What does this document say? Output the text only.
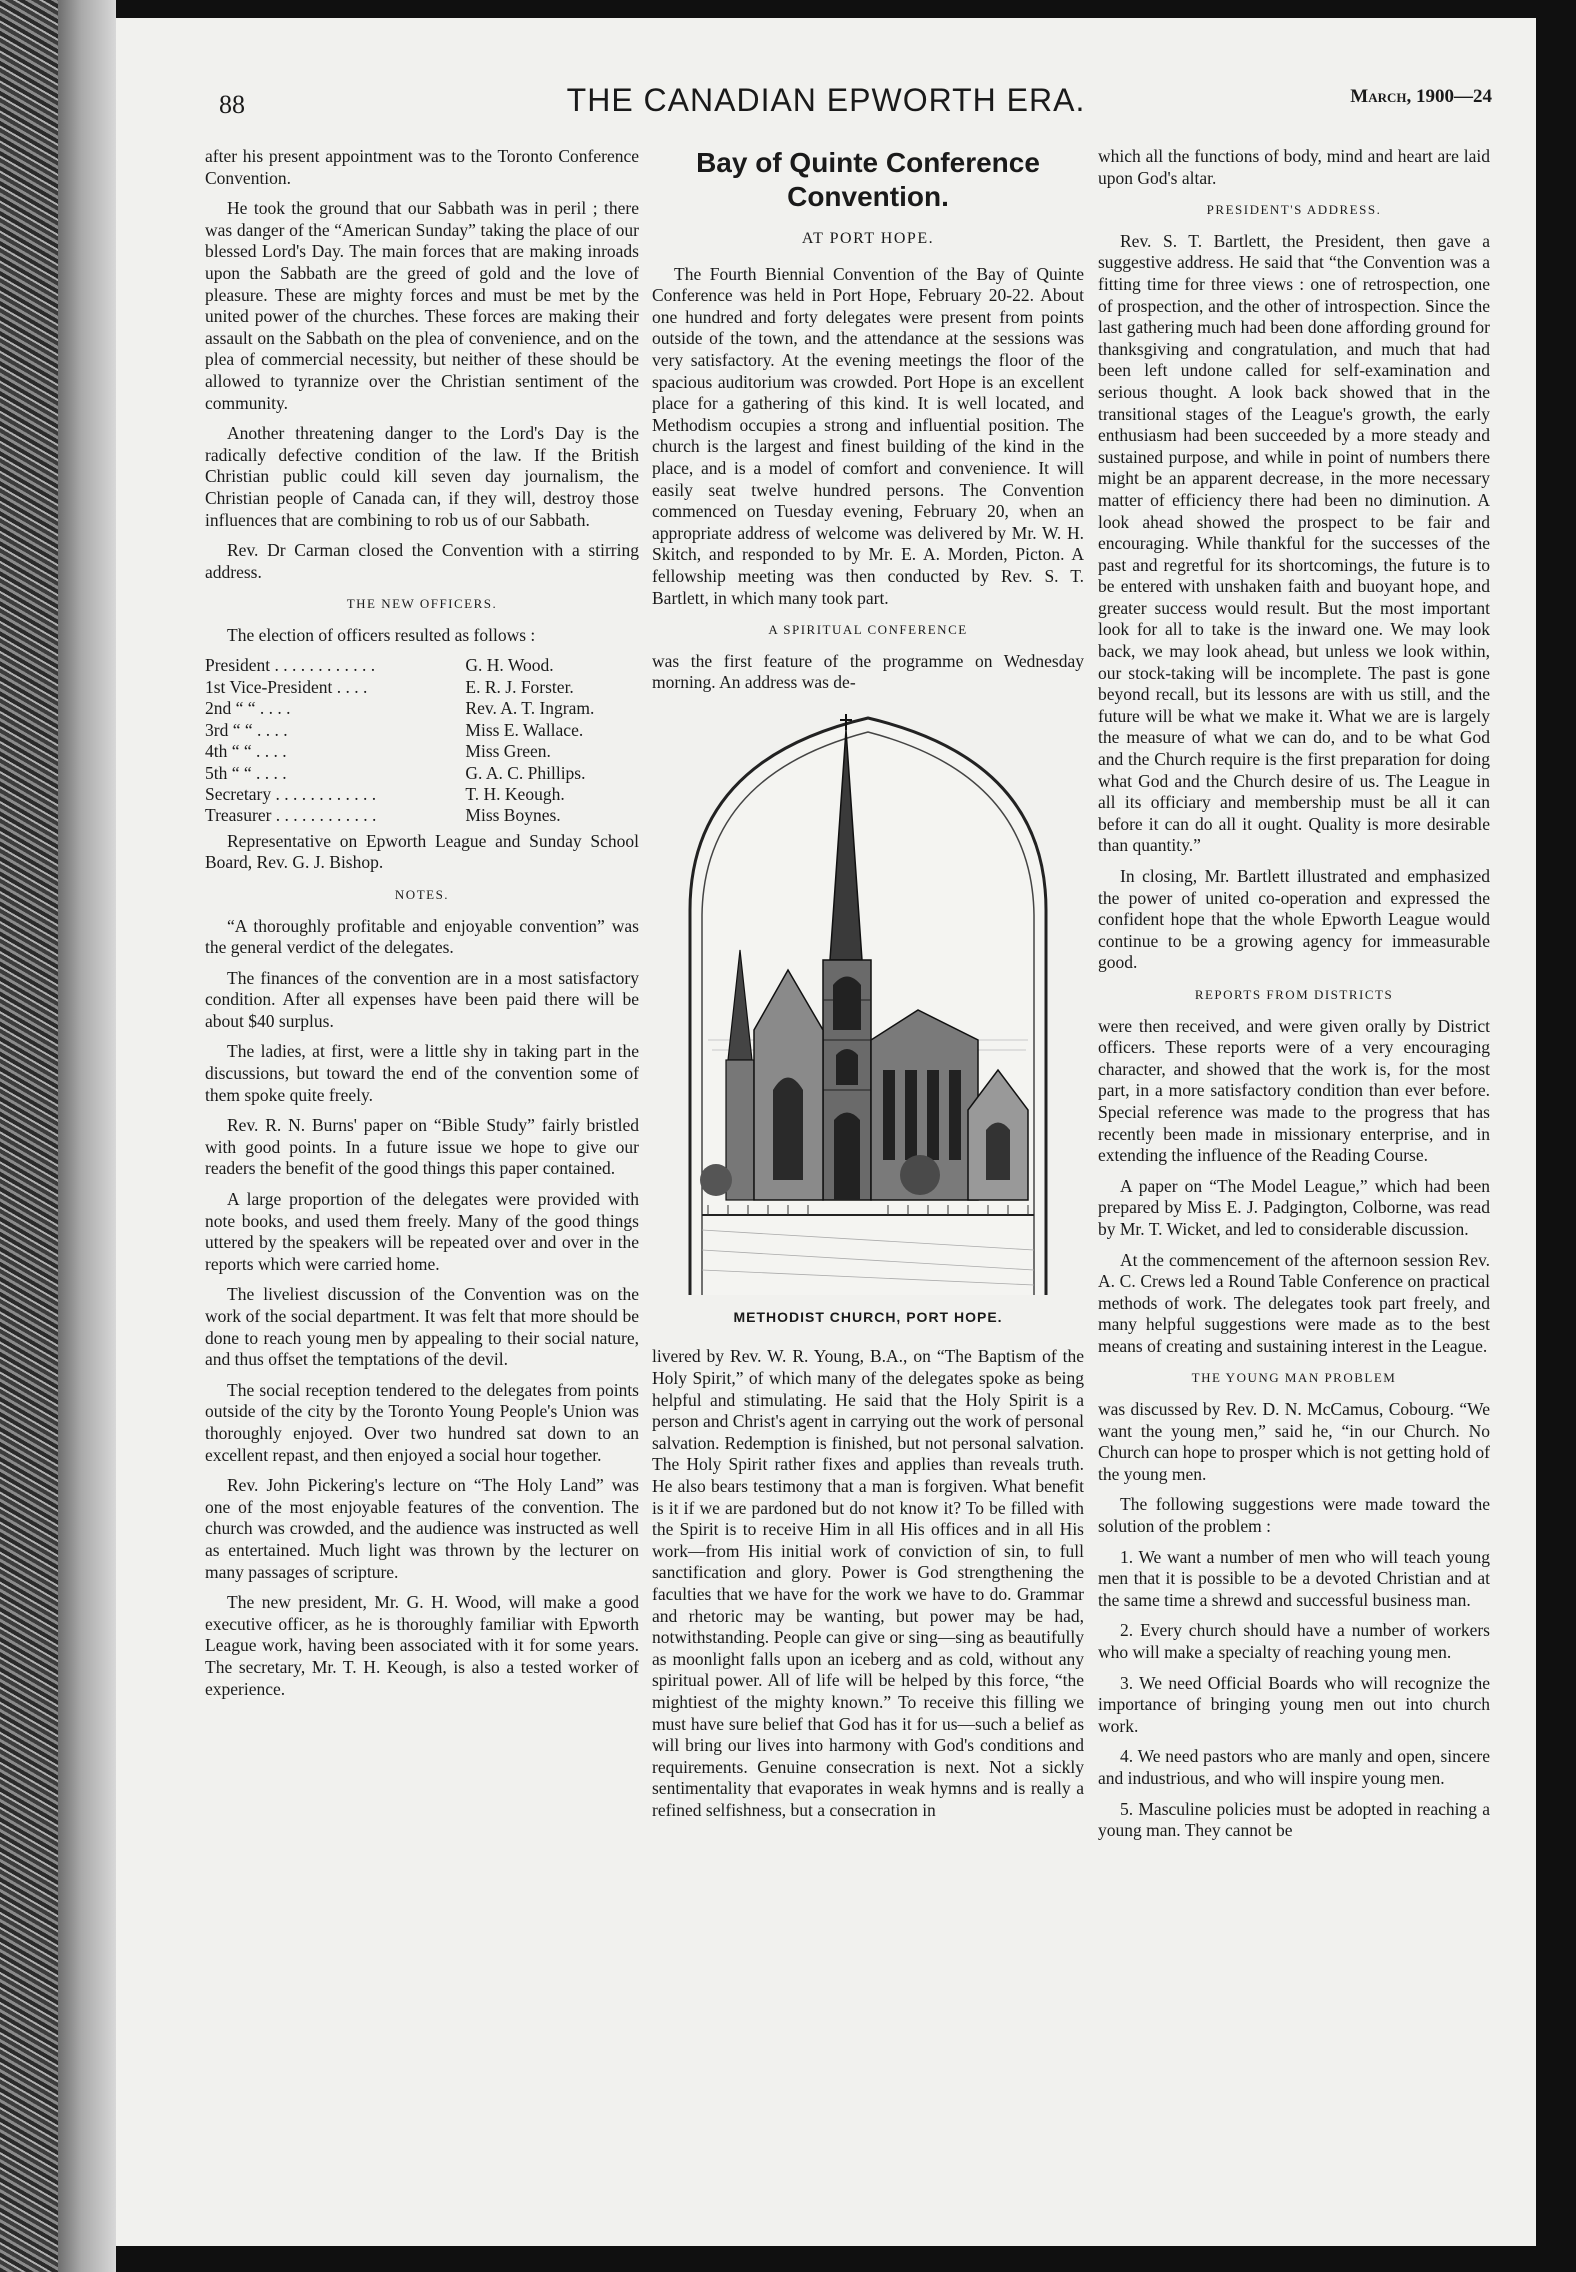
88	THE CANADIAN EPWORTH ERA.	March, 1900—24

after his present appointment was to the Toronto Conference Convention.

He took the ground that our Sabbath was in peril ; there was danger of the “American Sunday” taking the place of our blessed Lord's Day. The main forces that are making inroads upon the Sabbath are the greed of gold and the love of pleasure. These are mighty forces and must be met by the united power of the churches. These forces are making their assault on the Sabbath on the plea of convenience, and on the plea of commercial necessity, but neither of these should be allowed to tyrannize over the Christian sentiment of the community.

Another threatening danger to the Lord's Day is the radically defective condition of the law. If the British Christian public could kill seven day journalism, the Christian people of Canada can, if they will, destroy those influences that are combining to rob us of our Sabbath.

Rev. Dr Carman closed the Convention with a stirring address.

THE NEW OFFICERS.

The election of officers resulted as follows :

President . . . . . . . . . . . .	G. H. Wood.
1st Vice-President . . . .	E. R. J. Forster.
2nd “ “ . . . .	Rev. A. T. Ingram.
3rd “ “ . . . .	Miss E. Wallace.
4th “ “ . . . .	Miss Green.
5th “ “ . . . .	G. A. C. Phillips.
Secretary . . . . . . . . . . . .	T. H. Keough.
Treasurer . . . . . . . . . . . .	Miss Boynes.

Representative on Epworth League and Sunday School Board, Rev. G. J. Bishop.

NOTES.

“A thoroughly profitable and enjoyable convention” was the general verdict of the delegates.

The finances of the convention are in a most satisfactory condition. After all expenses have been paid there will be about $40 surplus.

The ladies, at first, were a little shy in taking part in the discussions, but toward the end of the convention some of them spoke quite freely.

Rev. R. N. Burns' paper on “Bible Study” fairly bristled with good points. In a future issue we hope to give our readers the benefit of the good things this paper contained.

A large proportion of the delegates were provided with note books, and used them freely. Many of the good things uttered by the speakers will be repeated over and over in the reports which were carried home.

The liveliest discussion of the Convention was on the work of the social department. It was felt that more should be done to reach young men by appealing to their social nature, and thus offset the temptations of the devil.

The social reception tendered to the delegates from points outside of the city by the Toronto Young People's Union was thoroughly enjoyed. Over two hundred sat down to an excellent repast, and then enjoyed a social hour together.

Rev. John Pickering's lecture on “The Holy Land” was one of the most enjoyable features of the convention. The church was crowded, and the audience was instructed as well as entertained. Much light was thrown by the lecturer on many passages of scripture.

The new president, Mr. G. H. Wood, will make a good executive officer, as he is thoroughly familiar with Epworth League work, having been associated with it for some years. The secretary, Mr. T. H. Keough, is also a tested worker of experience.

Bay of Quinte Conference Convention.
AT PORT HOPE.

The Fourth Biennial Convention of the Bay of Quinte Conference was held in Port Hope, February 20-22. About one hundred and forty delegates were present from points outside of the town, and the attendance at the sessions was very satisfactory. At the evening meetings the floor of the spacious auditorium was crowded. Port Hope is an excellent place for a gathering of this kind. It is well located, and Methodism occupies a strong and influential position. The church is the largest and finest building of the kind in the place, and is a model of comfort and convenience. It will easily seat twelve hundred persons. The Convention commenced on Tuesday evening, February 20, when an appropriate address of welcome was delivered by Mr. W. H. Skitch, and responded to by Mr. E. A. Morden, Picton. A fellowship meeting was then conducted by Rev. S. T. Bartlett, in which many took part.

A SPIRITUAL CONFERENCE

was the first feature of the programme on Wednesday morning. An address was de-

METHODIST CHURCH, PORT HOPE.

livered by Rev. W. R. Young, B.A., on “The Baptism of the Holy Spirit,” of which many of the delegates spoke as being helpful and stimulating. He said that the Holy Spirit is a person and Christ's agent in carrying out the work of personal salvation. Redemption is finished, but not personal salvation. The Holy Spirit rather fixes and applies than reveals truth. He also bears testimony that a man is forgiven. What benefit is it if we are pardoned but do not know it? To be filled with the Spirit is to receive Him in all His offices and in all His work—from His initial work of conviction of sin, to full sanctification and glory. Power is God strengthening the faculties that we have for the work we have to do. Grammar and rhetoric may be wanting, but power may be had, notwithstanding. People can give or sing—sing as beautifully as moonlight falls upon an iceberg and as cold, without any spiritual power. All of life will be helped by this force, “the mightiest of the mighty known.” To receive this filling we must have sure belief that God has it for us—such a belief as will bring our lives into harmony with God's conditions and requirements. Genuine consecration is next. Not a sickly sentimentality that evaporates in weak hymns and is really a refined selfishness, but a consecration in

which all the functions of body, mind and heart are laid upon God's altar.

PRESIDENT'S ADDRESS.

Rev. S. T. Bartlett, the President, then gave a suggestive address. He said that “the Convention was a fitting time for three views : one of retrospection, one of prospection, and the other of introspection. Since the last gathering much had been done affording ground for thanksgiving and congratulation, and much that had been left undone called for self-examination and serious thought. A look back showed that in the transitional stages of the League's growth, the early enthusiasm had been succeeded by a more steady and sustained purpose, and while in point of numbers there might be an apparent decrease, in the more necessary matter of efficiency there had been no diminution. A look ahead showed the prospect to be fair and encouraging. While thankful for the successes of the past and regretful for its shortcomings, the future is to be entered with unshaken faith and buoyant hope, and greater success would result. But the most important look for all to take is the inward one. We may look back, we may look ahead, but unless we look within, our stock-taking will be incomplete. The past is gone beyond recall, but its lessons are with us still, and the future will be what we make it. What we are is largely the measure of what we can do, and to be what God and the Church require is the first preparation for doing what God and the Church desire of us. The League in all its officiary and membership must be all it can before it can do all it ought. Quality is more desirable than quantity.”

In closing, Mr. Bartlett illustrated and emphasized the power of united co-operation and expressed the confident hope that the whole Epworth League would continue to be a growing agency for immeasurable good.

REPORTS FROM DISTRICTS

were then received, and were given orally by District officers. These reports were of a very encouraging character, and showed that the work is, for the most part, in a more satisfactory condition than ever before. Special reference was made to the progress that has recently been made in missionary enterprise, and in extending the influence of the Reading Course.

A paper on “The Model League,” which had been prepared by Miss E. J. Padgington, Colborne, was read by Mr. T. Wicket, and led to considerable discussion.

At the commencement of the afternoon session Rev. A. C. Crews led a Round Table Conference on practical methods of work. The delegates took part freely, and many helpful suggestions were made as to the best means of creating and sustaining interest in the League.

THE YOUNG MAN PROBLEM

was discussed by Rev. D. N. McCamus, Cobourg. “We want the young men,” said he, “in our Church. No Church can hope to prosper which is not getting hold of the young men.

The following suggestions were made toward the solution of the problem :

1. We want a number of men who will teach young men that it is possible to be a devoted Christian and at the same time a shrewd and successful business man.

2. Every church should have a number of workers who will make a specialty of reaching young men.

3. We need Official Boards who will recognize the importance of bringing young men out into church work.

4. We need pastors who are manly and open, sincere and industrious, and who will inspire young men.

5. Masculine policies must be adopted in reaching a young man. They cannot be
